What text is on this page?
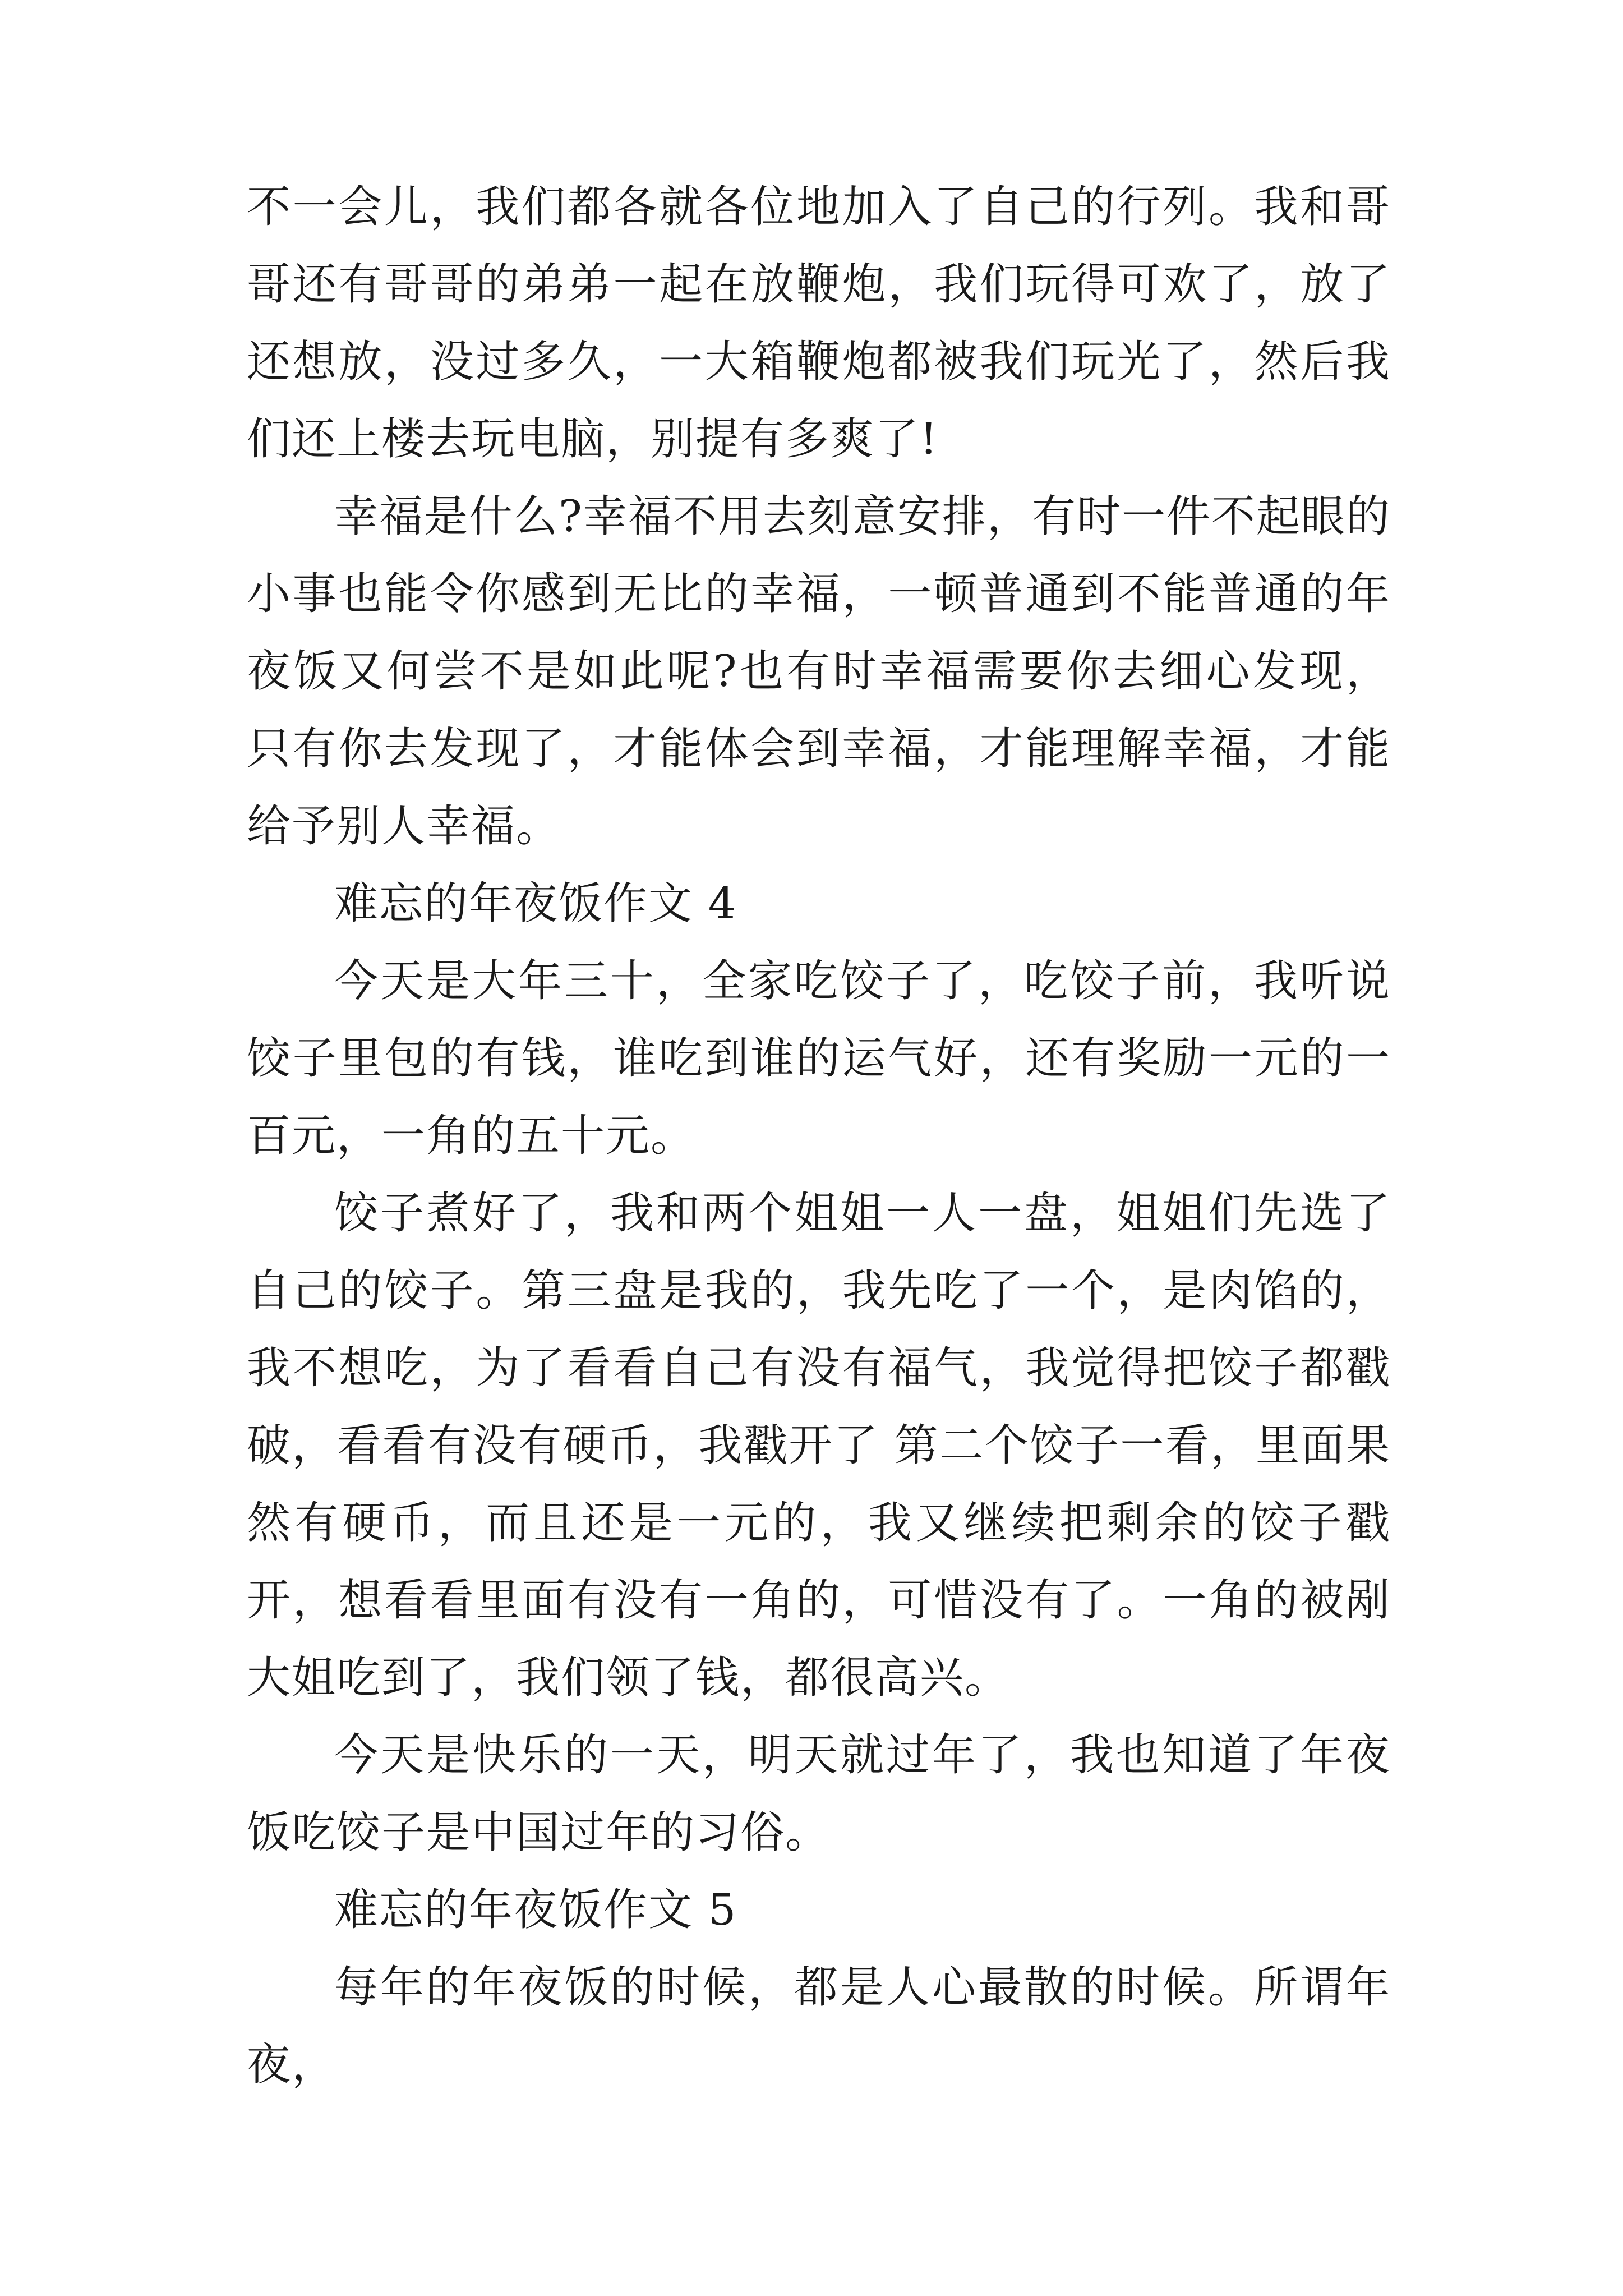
不一会儿，我们都各就各位地加入了自己的行列。我和哥哥还有哥哥的弟弟一起在放鞭炮，我们玩得可欢了，放了还想放，没过多久，一大箱鞭炮都被我们玩光了，然后我们还上楼去玩电脑，别提有多爽了!

幸福是什么?幸福不用去刻意安排，有时一件不起眼的小事也能令你感到无比的幸福，一顿普通到不能普通的年夜饭又何尝不是如此呢?也有时幸福需要你去细心发现，只有你去发现了，才能体会到幸福，才能理解幸福，才能给予别人幸福。

难忘的年夜饭作文 4

今天是大年三十，全家吃饺子了，吃饺子前，我听说饺子里包的有钱，谁吃到谁的运气好，还有奖励一元的一百元，一角的五十元。

饺子煮好了，我和两个姐姐一人一盘，姐姐们先选了自己的饺子。第三盘是我的，我先吃了一个，是肉馅的，我不想吃，为了看看自己有没有福气，我觉得把饺子都戳破，看看有没有硬币，我戳开了 第二个饺子一看，里面果然有硬币，而且还是一元的，我又继续把剩余的饺子戳开，想看看里面有没有一角的，可惜没有了。一角的被剐大姐吃到了，我们领了钱，都很高兴。

今天是快乐的一天，明天就过年了，我也知道了年夜饭吃饺子是中国过年的习俗。

难忘的年夜饭作文 5

每年的年夜饭的时候，都是人心最散的时候。所谓年夜，
